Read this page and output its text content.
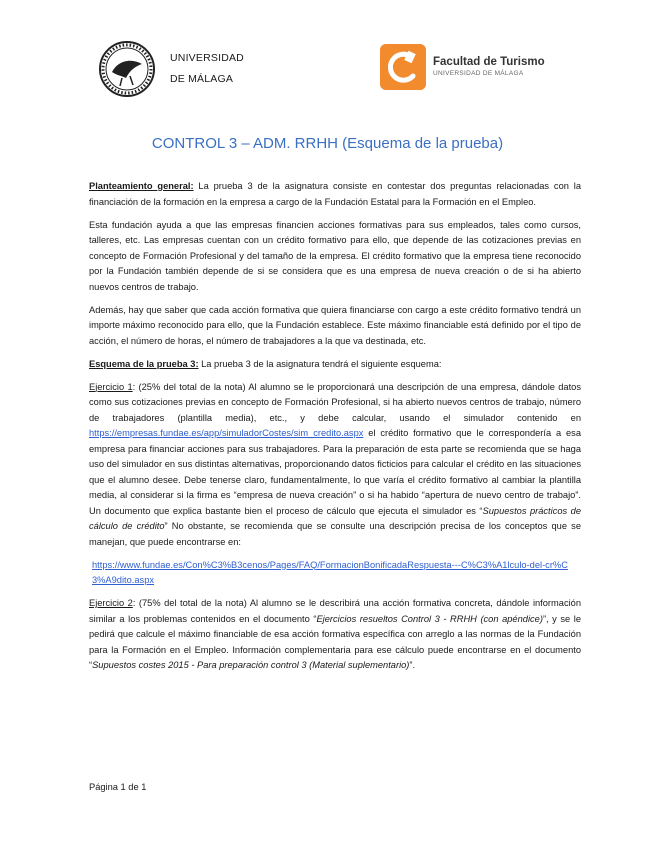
UNIVERSIDAD
DE MÁLAGA
Facultad de Turismo
UNIVERSIDAD DE MÁLAGA
CONTROL 3 – ADM. RRHH (Esquema de la prueba)

Planteamiento general: La prueba 3 de la asignatura consiste en contestar dos preguntas relacionadas con la financiación de la formación en la empresa a cargo de la Fundación Estatal para la Formación en el Empleo.

Esta fundación ayuda a que las empresas financien acciones formativas para sus empleados, tales como cursos, talleres, etc. Las empresas cuentan con un crédito formativo para ello, que depende de las cotizaciones previas en concepto de Formación Profesional y del tamaño de la empresa. El crédito formativo que la empresa tiene reconocido por la Fundación también depende de si se considera que es una empresa de nueva creación o de si ha abierto nuevos centros de trabajo.

Además, hay que saber que cada acción formativa que quiera financiarse con cargo a este crédito formativo tendrá un importe máximo reconocido para ello, que la Fundación establece. Este máximo financiable está definido por el tipo de acción, el número de horas, el número de trabajadores a la que va destinada, etc.

Esquema de la prueba 3: La prueba 3 de la asignatura tendrá el siguiente esquema:

Ejercicio 1: (25% del total de la nota) Al alumno se le proporcionará una descripción de una empresa, dándole datos como sus cotizaciones previas en concepto de Formación Profesional, si ha abierto nuevos centros de trabajo, número de trabajadores (plantilla media), etc., y debe calcular, usando el simulador contenido en https://empresas.fundae.es/app/simuladorCostes/sim_credito.aspx el crédito formativo que le correspondería a esa empresa para financiar acciones para sus trabajadores. Para la preparación de esta parte se recomienda que se haga uso del simulador en sus distintas alternativas, proporcionando datos ficticios para calcular el crédito en las situaciones que el alumno desee. Debe tenerse claro, fundamentalmente, lo que varía el crédito formativo al cambiar la plantilla media, al considerar si la firma es “empresa de nueva creación” o si ha habido “apertura de nuevo centro de trabajo”. Un documento que explica bastante bien el proceso de cálculo que ejecuta el simulador es “Supuestos prácticos de cálculo de crédito” No obstante, se recomienda que se consulte una descripción precisa de los conceptos que se manejan, que puede encontrarse en:

https://www.fundae.es/Con%C3%B3cenos/Pages/FAQ/FormacionBonificadaRespuesta---C%C3%A1lculo-del-cr%C3%A9dito.aspx

Ejercicio 2: (75% del total de la nota) Al alumno se le describirá una acción formativa concreta, dándole información similar a los problemas contenidos en el documento “Ejercicios resueltos Control 3 - RRHH (con apéndice)”, y se le pedirá que calcule el máximo financiable de esa acción formativa específica con arreglo a las normas de la Fundación para la Formación en el Empleo. Información complementaria para ese cálculo puede encontrarse en el documento “Supuestos costes 2015 - Para preparación control 3 (Material suplementario)”.

Página 1 de 1
